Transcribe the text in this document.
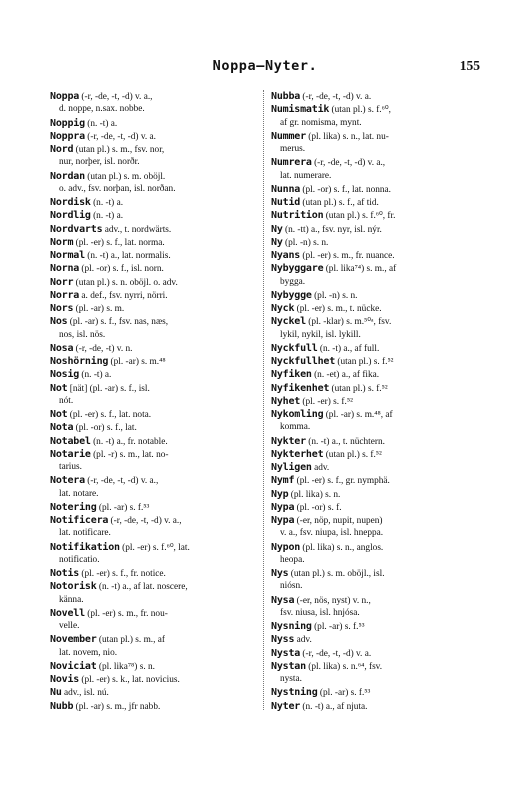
Noppa—Nyter.	155
Noppa (-r, -de, -t, -d) v. a.,
d. noppe, n.sax. nobbe.
Noppig (n. -t) a.
Noppra (-r, -de, -t, -d) v. a.
Nord (utan pl.) s. m., fsv. nor,
nur, norþer, isl. norðr.
Nordan (utan pl.) s. m. oböjl.
o. adv., fsv. norþan, isl. norðan.
Nordisk (n. -t) a.
Nordlig (n. -t) a.
Nordvarts adv., t. nordwärts.
Norm (pl. -er) s. f., lat. norma.
Normal (n. -t) a., lat. normalis.
Norna (pl. -or) s. f., isl. norn.
Norr (utan pl.) s. n. oböjl. o. adv.
Norra a. def., fsv. nyrri, nörri.
Nors (pl. -ar) s. m.
Nos (pl. -ar) s. f., fsv. nas, næs,
nos, isl. nös.
Nosa (-r, -de, -t) v. n.
Noshörning (pl. -ar) s. m.⁴⁸
Nosig (n. -t) a.
Not [nät] (pl. -ar) s. f., isl.
nót.
Not (pl. -er) s. f., lat. nota.
Nota (pl. -or) s. f., lat.
Notabel (n. -t) a., fr. notable.
Notarie (pl. -r) s. m., lat. no-
tarius.
Notera (-r, -de, -t, -d) v. a.,
lat. notare.
Notering (pl. -ar) s. f.⁵³
Notificera (-r, -de, -t, -d) v. a.,
lat. notificare.
Notifikation (pl. -er) s. f.⁶⁰, lat.
notificatio.
Notis (pl. -er) s. f., fr. notice.
Notorisk (n. -t) a., af lat. noscere,
känna.
Novell (pl. -er) s. m., fr. nou-
velle.
November (utan pl.) s. m., af
lat. novem, nio.
Noviciat (pl. lika⁷⁸) s. n.
Novis (pl. -er) s. k., lat. novicius.
Nu adv., isl. nú.
Nubb (pl. -ar) s. m., jfr nabb.
Nubba (-r, -de, -t, -d) v. a.
Numismatik (utan pl.) s. f.⁶⁰,
af gr. nomisma, mynt.
Nummer (pl. lika) s. n., lat. nu-
merus.
Numrera (-r, -de, -t, -d) v. a.,
lat. numerare.
Nunna (pl. -or) s. f., lat. nonna.
Nutid (utan pl.) s. f., af tid.
Nutrition (utan pl.) s. f.⁶⁰, fr.
Ny (n. -tt) a., fsv. nyr, isl. nýr.
Ny (pl. -n) s. n.
Nyans (pl. -er) s. m., fr. nuance.
Nybyggare (pl. lika⁷⁴) s. m., af
bygga.
Nybygge (pl. -n) s. n.
Nyck (pl. -er) s. m., t. nücke.
Nyckel (pl. -klar) s. m.⁵⁰ᵃ, fsv.
lykil, nykil, isl. lykill.
Nyckfull (n. -t) a., af full.
Nyckfullhet (utan pl.) s. f.⁵²
Nyfiken (n. -et) a., af fika.
Nyfikenhet (utan pl.) s. f.⁵²
Nyhet (pl. -er) s. f.⁵²
Nykomling (pl. -ar) s. m.⁴⁸, af
komma.
Nykter (n. -t) a., t. nüchtern.
Nykterhet (utan pl.) s. f.⁵²
Nyligen adv.
Nymf (pl. -er) s. f., gr. nymphä.
Nyp (pl. lika) s. n.
Nypa (pl. -or) s. f.
Nypa (-er, nöp, nupit, nupen)
v. a., fsv. niupa, isl. hneppa.
Nypon (pl. lika) s. n., anglos.
heopa.
Nys (utan pl.) s. m. oböjl., isl.
niósn.
Nysa (-er, nös, nyst) v. n.,
fsv. niusa, isl. hnjósa.
Nysning (pl. -ar) s. f.⁵³
Nyss adv.
Nysta (-r, -de, -t, -d) v. a.
Nystan (pl. lika) s. n.⁶⁴, fsv.
nysta.
Nystning (pl. -ar) s. f.⁵³
Nyter (n. -t) a., af njuta.
